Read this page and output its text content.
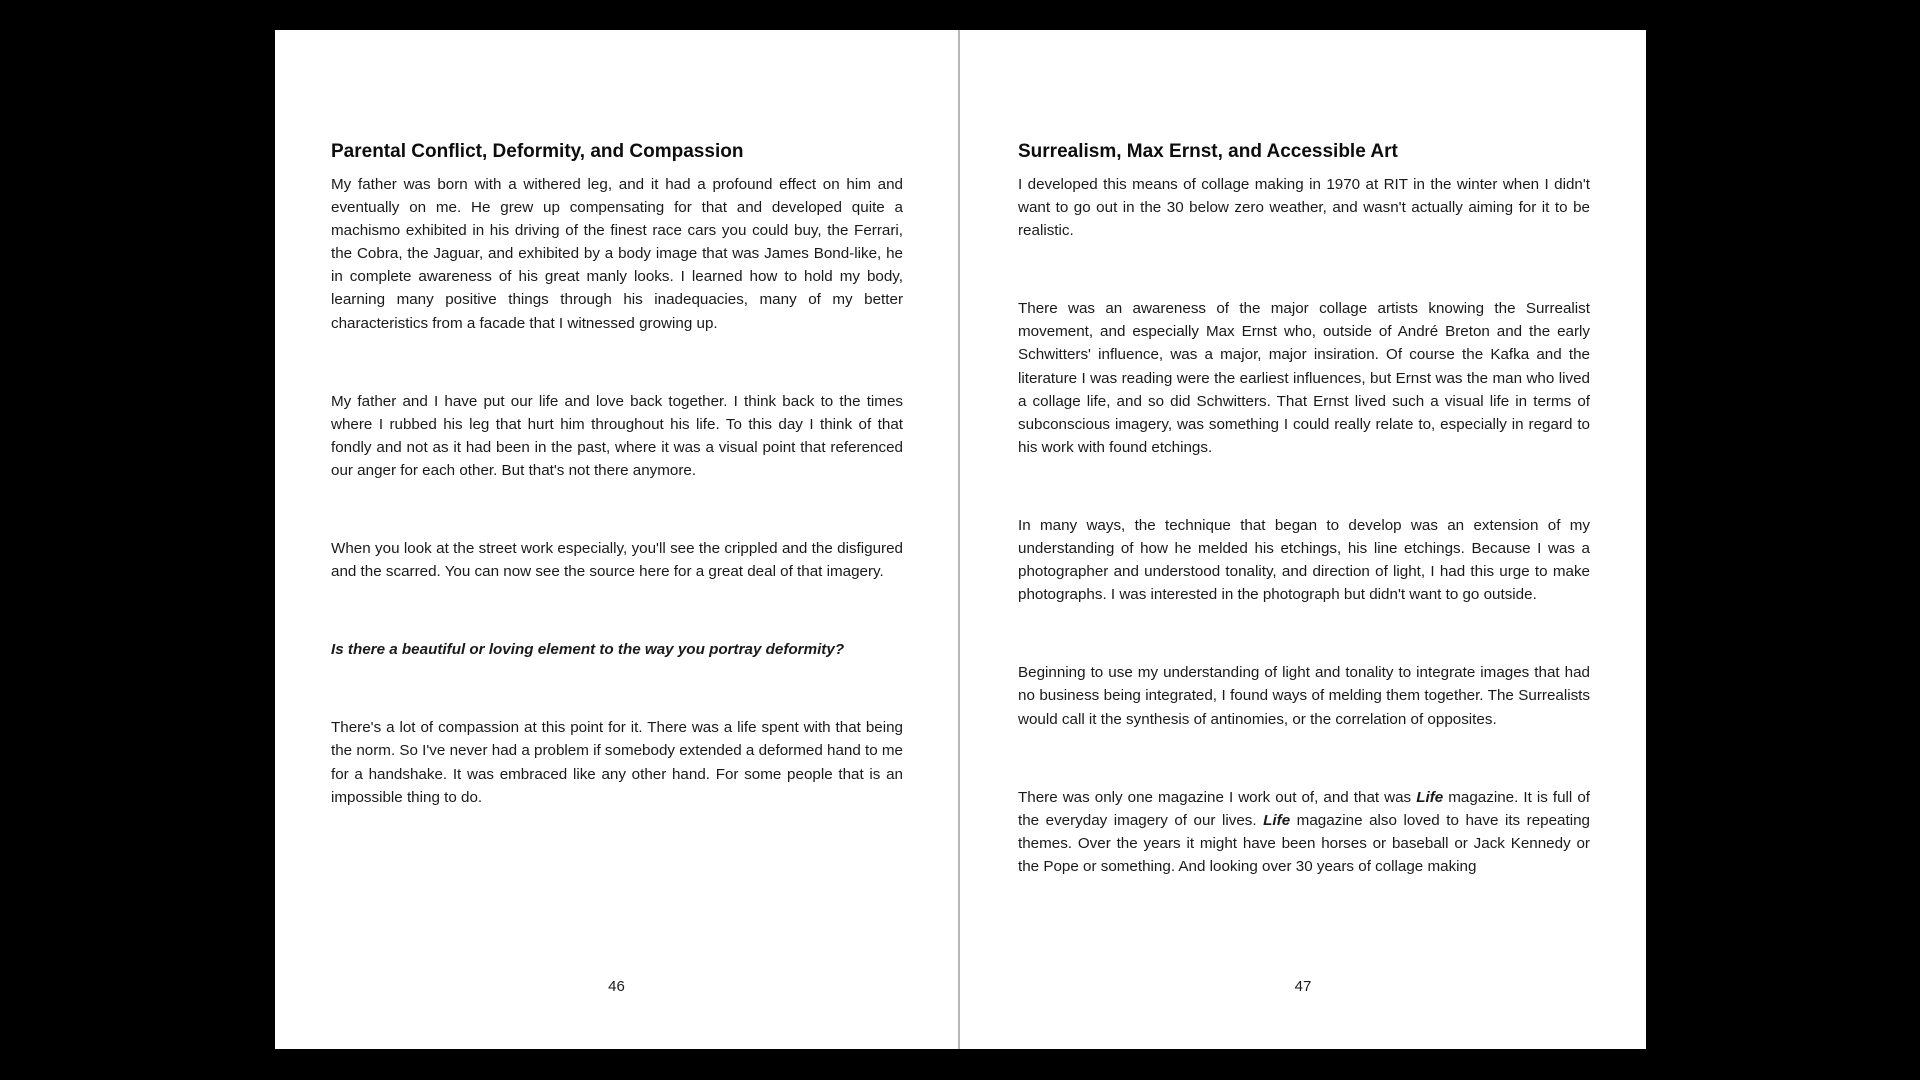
Parental Conflict, Deformity, and Compassion

My father was born with a withered leg, and it had a profound effect on him and eventually on me. He grew up compensating for that and developed quite a machismo exhibited in his driving of the finest race cars you could buy, the Ferrari, the Cobra, the Jaguar, and exhibited by a body image that was James Bond-like, he in complete awareness of his great manly looks. I learned how to hold my body, learning many positive things through his inadequacies, many of my better characteristics from a facade that I witnessed growing up.

My father and I have put our life and love back together. I think back to the times where I rubbed his leg that hurt him throughout his life. To this day I think of that fondly and not as it had been in the past, where it was a visual point that referenced our anger for each other. But that's not there anymore.

When you look at the street work especially, you'll see the crippled and the disfigured and the scarred. You can now see the source here for a great deal of that imagery.

Is there a beautiful or loving element to the way you portray deformity?

There's a lot of compassion at this point for it. There was a life spent with that being the norm. So I've never had a problem if somebody extended a deformed hand to me for a handshake. It was embraced like any other hand. For some people that is an impossible thing to do.

46
Surrealism, Max Ernst, and Accessible Art

I developed this means of collage making in 1970 at RIT in the winter when I didn't want to go out in the 30 below zero weather, and wasn't actually aiming for it to be realistic.

There was an awareness of the major collage artists knowing the Surrealist movement, and especially Max Ernst who, outside of André Breton and the early Schwitters' influence, was a major, major insiration. Of course the Kafka and the literature I was reading were the earliest influences, but Ernst was the man who lived a collage life, and so did Schwitters. That Ernst lived such a visual life in terms of subconscious imagery, was something I could really relate to, especially in regard to his work with found etchings.

In many ways, the technique that began to develop was an extension of my understanding of how he melded his etchings, his line etchings. Because I was a photographer and understood tonality, and direction of light, I had this urge to make photographs. I was interested in the photograph but didn't want to go outside.

Beginning to use my understanding of light and tonality to integrate images that had no business being integrated, I found ways of melding them together. The Surrealists would call it the synthesis of antinomies, or the correlation of opposites.

There was only one magazine I work out of, and that was Life magazine. It is full of the everyday imagery of our lives. Life magazine also loved to have its repeating themes. Over the years it might have been horses or baseball or Jack Kennedy or the Pope or something. And looking over 30 years of collage making

47
